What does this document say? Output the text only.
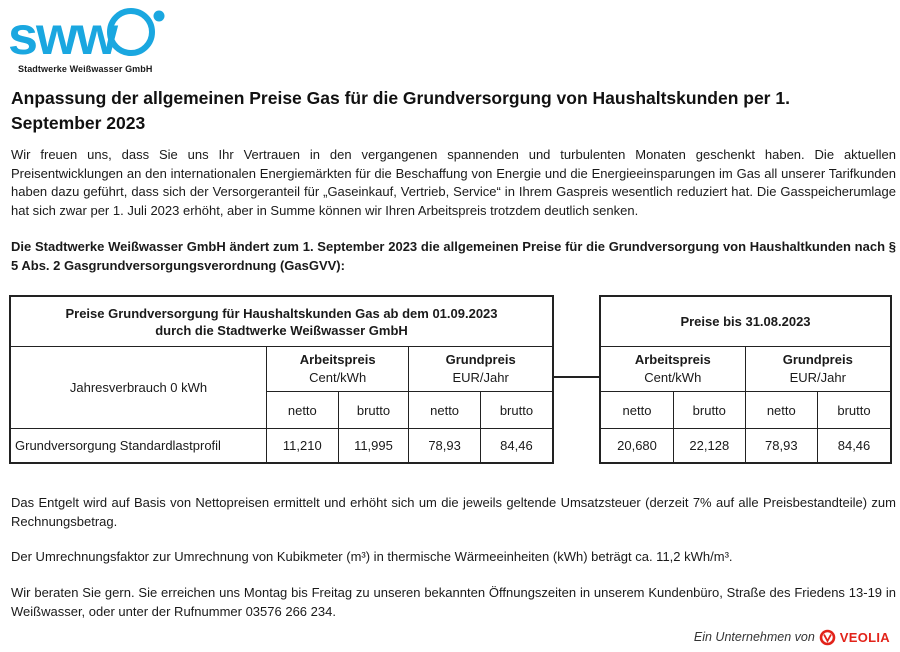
sww
Stadtwerke Weißwasser GmbH
Anpassung der allgemeinen Preise Gas für die Grundversorgung von Haushaltskunden per 1. September 2023

Wir freuen uns, dass Sie uns Ihr Vertrauen in den vergangenen spannenden und turbulenten Monaten geschenkt haben. Die aktuellen Preisentwicklungen an den internationalen Energiemärkten für die Beschaffung von Energie und die Energieeinsparungen im Gas all unserer Tarifkunden haben dazu geführt, dass sich der Versorgeranteil für „Gaseinkauf, Vertrieb, Service“ in Ihrem Gaspreis wesentlich reduziert hat. Die Gasspeicherumlage hat sich zwar per 1. Juli 2023 erhöht, aber in Summe können wir Ihren Arbeitspreis trotzdem deutlich senken.

Die Stadtwerke Weißwasser GmbH ändert zum 1. September 2023 die allgemeinen Preise für die Grundversorgung von Haushaltkunden nach § 5 Abs. 2 Gasgrundversorgungsverordnung (GasGVV):

Preise Grundversorgung für Haushaltskunden Gas ab dem 01.09.2023 durch die Stadtwerke Weißwasser GmbH				
Jahresverbrauch 0 kWh	Arbeitspreis
Cent/kWh		Grundpreis
EUR/Jahr	

	netto	brutto	netto	brutto
Grundversorgung Standardlastprofil	11,210	11,995	78,93	84,46
Preise bis 31.08.2023			

Arbeitspreis
Cent/kWh		Grundpreis
EUR/Jahr	

netto	brutto	netto	brutto
20,680	22,128	78,93	84,46

Das Entgelt wird auf Basis von Nettopreisen ermittelt und erhöht sich um die jeweils geltende Umsatzsteuer (derzeit 7% auf alle Preisbestandteile) zum Rechnungsbetrag.

Der Umrechnungsfaktor zur Umrechnung von Kubikmeter (m³) in thermische Wärmeeinheiten (kWh) beträgt ca. 11,2 kWh/m³.

Wir beraten Sie gern. Sie erreichen uns Montag bis Freitag zu unseren bekannten Öffnungszeiten in unserem Kundenbüro, Straße des Friedens 13-19 in Weißwasser, oder unter der Rufnummer 03576 266 234.

Ein Unternehmen von VEOLIA
